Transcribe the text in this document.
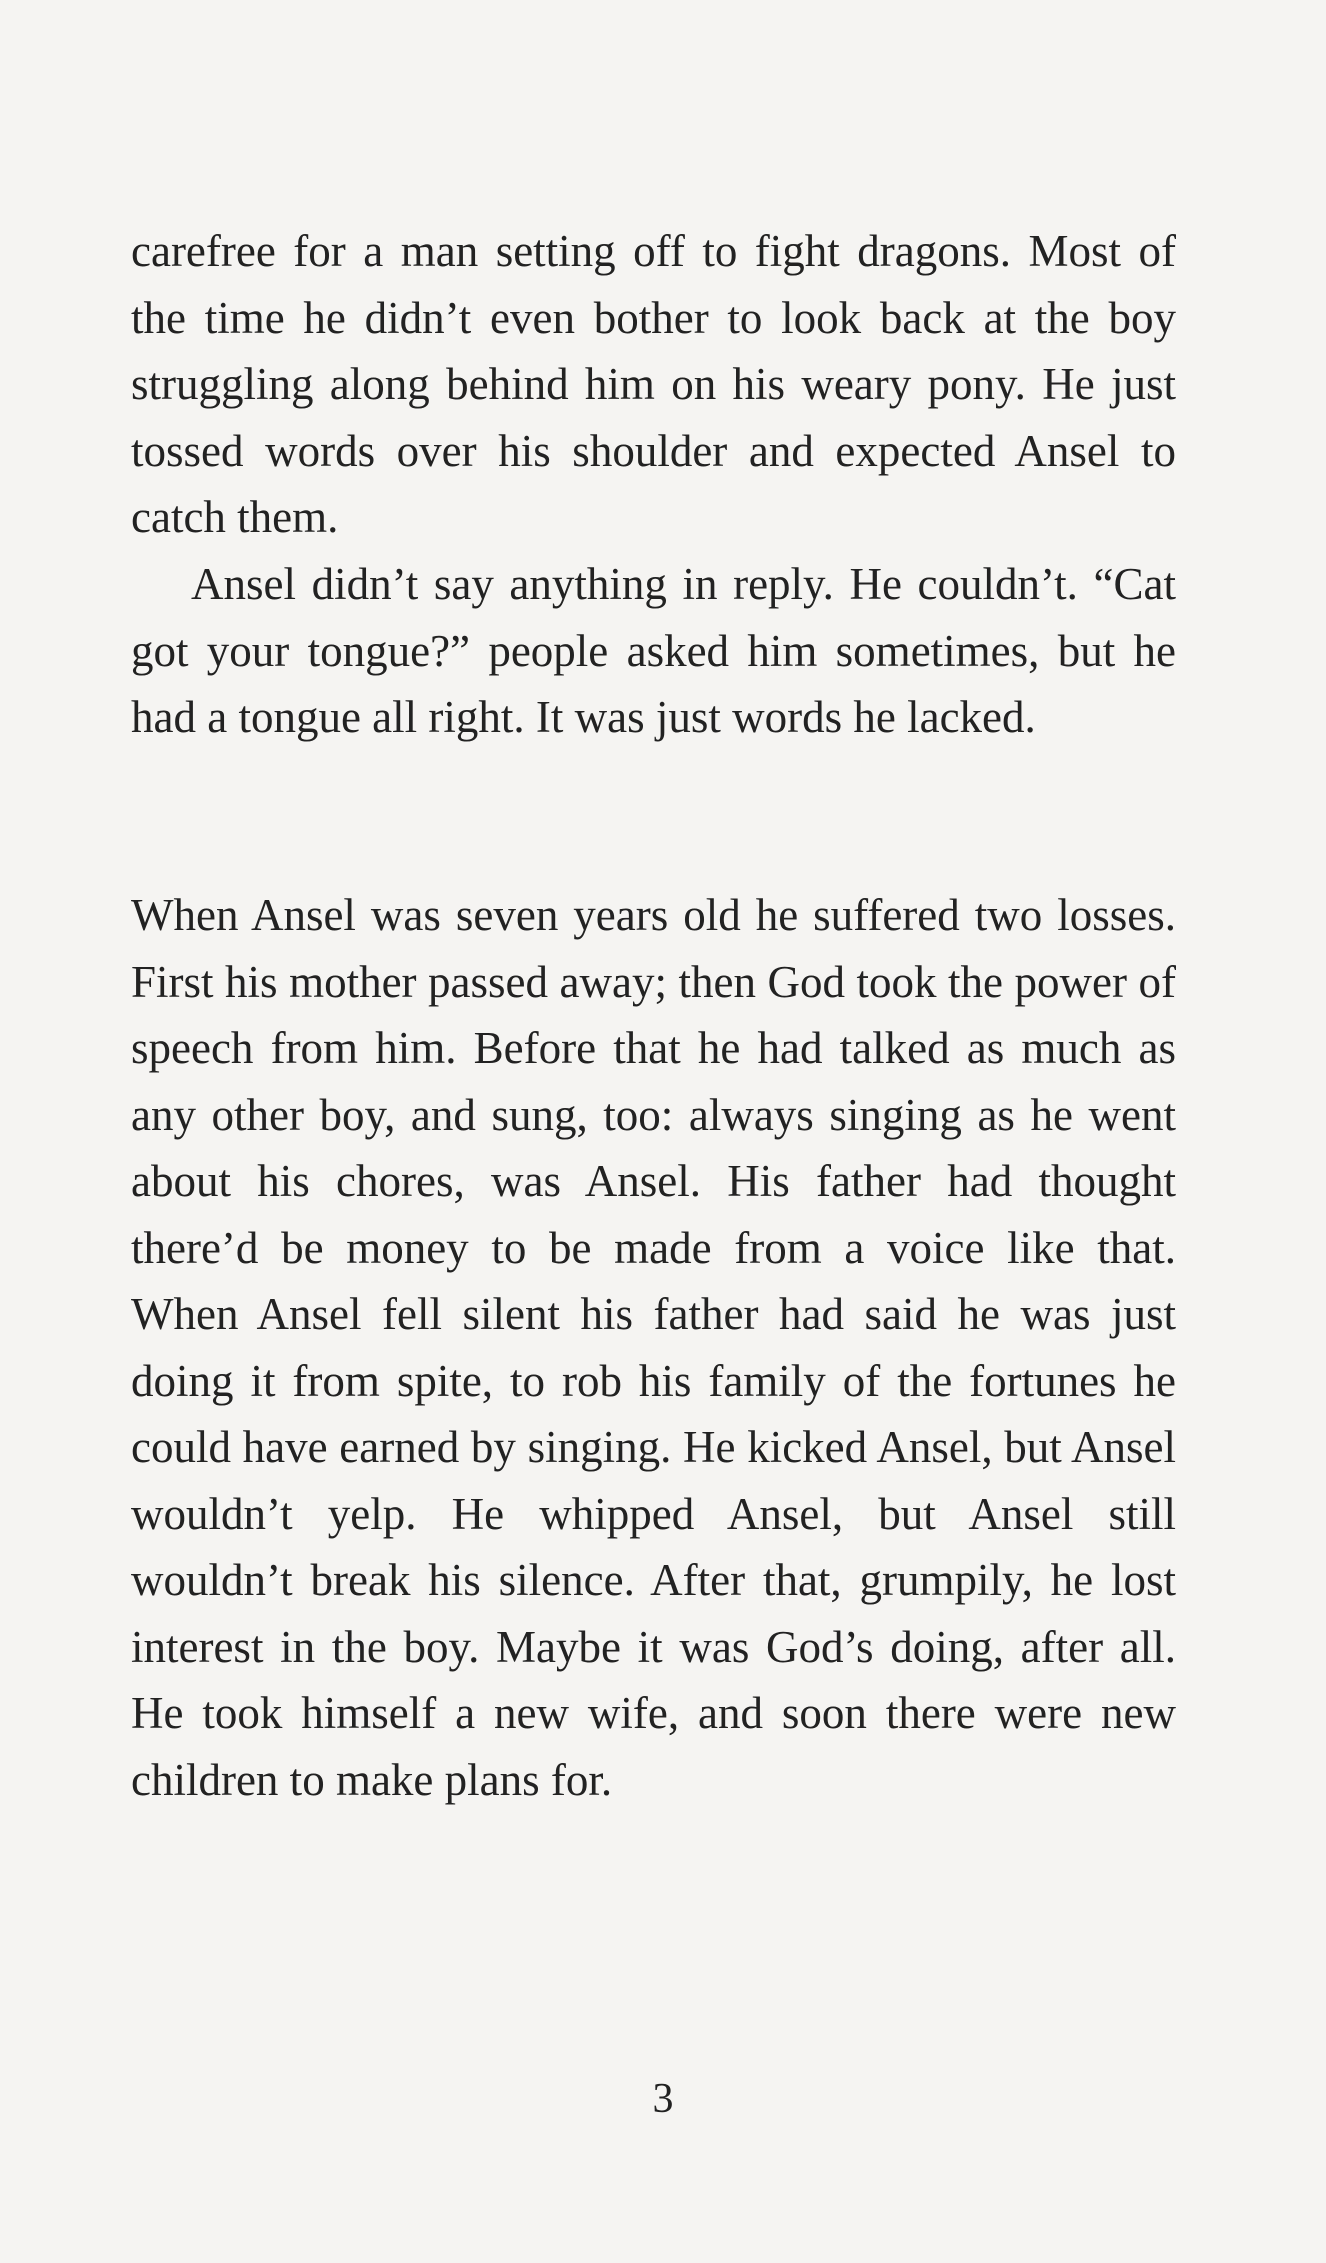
carefree for a man setting off to fight dragons. Most of the time he didn’t even bother to look back at the boy struggling along behind him on his weary pony. He just tossed words over his shoulder and expected Ansel to catch them.

Ansel didn’t say anything in reply. He couldn’t. “Cat got your tongue?” people asked him sometimes, but he had a tongue all right. It was just words he lacked.

When Ansel was seven years old he suffered two losses. First his mother passed away; then God took the power of speech from him. Before that he had talked as much as any other boy, and sung, too: always singing as he went about his chores, was Ansel. His father had thought there’d be money to be made from a voice like that. When Ansel fell silent his father had said he was just doing it from spite, to rob his family of the fortunes he could have earned by singing. He kicked Ansel, but Ansel wouldn’t yelp. He whipped Ansel, but Ansel still wouldn’t break his silence. After that, grumpily, he lost interest in the boy. Maybe it was God’s doing, after all. He took himself a new wife, and soon there were new children to make plans for.

3
